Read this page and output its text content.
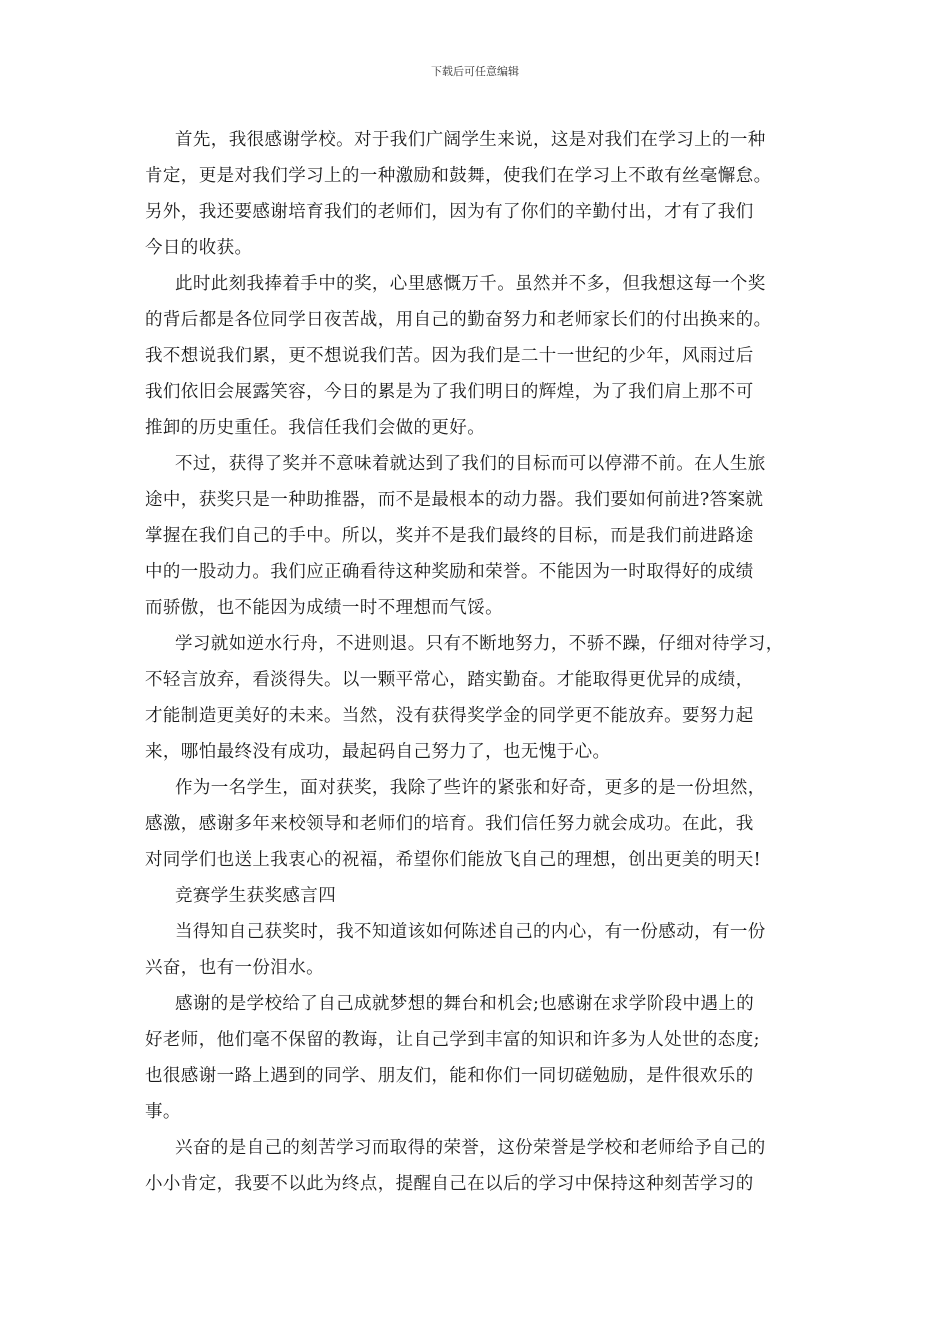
下载后可任意编辑

首先，我很感谢学校。对于我们广阔学生来说，这是对我们在学习上的一种
肯定，更是对我们学习上的一种激励和鼓舞，使我们在学习上不敢有丝毫懈怠。
另外，我还要感谢培育我们的老师们，因为有了你们的辛勤付出，才有了我们
今日的收获。

此时此刻我捧着手中的奖，心里感慨万千。虽然并不多，但我想这每一个奖
的背后都是各位同学日夜苦战，用自己的勤奋努力和老师家长们的付出换来的。
我不想说我们累，更不想说我们苦。因为我们是二十一世纪的少年，风雨过后
我们依旧会展露笑容，今日的累是为了我们明日的辉煌，为了我们肩上那不可
推卸的历史重任。我信任我们会做的更好。

不过，获得了奖并不意味着就达到了我们的目标而可以停滞不前。在人生旅
途中，获奖只是一种助推器，而不是最根本的动力器。我们要如何前进?答案就
掌握在我们自己的手中。所以，奖并不是我们最终的目标，而是我们前进路途
中的一股动力。我们应正确看待这种奖励和荣誉。不能因为一时取得好的成绩
而骄傲，也不能因为成绩一时不理想而气馁。

学习就如逆水行舟，不进则退。只有不断地努力，不骄不躁，仔细对待学习，
不轻言放弃，看淡得失。以一颗平常心，踏实勤奋。才能取得更优异的成绩，
才能制造更美好的未来。当然，没有获得奖学金的同学更不能放弃。要努力起
来，哪怕最终没有成功，最起码自己努力了，也无愧于心。

作为一名学生，面对获奖，我除了些许的紧张和好奇，更多的是一份坦然，
感激，感谢多年来校领导和老师们的培育。我们信任努力就会成功。在此，我
对同学们也送上我衷心的祝福，希望你们能放飞自己的理想，创出更美的明天!

竞赛学生获奖感言四

当得知自己获奖时，我不知道该如何陈述自己的内心，有一份感动，有一份
兴奋，也有一份泪水。

感谢的是学校给了自己成就梦想的舞台和机会;也感谢在求学阶段中遇上的
好老师，他们毫不保留的教诲，让自己学到丰富的知识和许多为人处世的态度;
也很感谢一路上遇到的同学、朋友们，能和你们一同切磋勉励，是件很欢乐的
事。

兴奋的是自己的刻苦学习而取得的荣誉，这份荣誉是学校和老师给予自己的
小小肯定，我要不以此为终点，提醒自己在以后的学习中保持这种刻苦学习的
